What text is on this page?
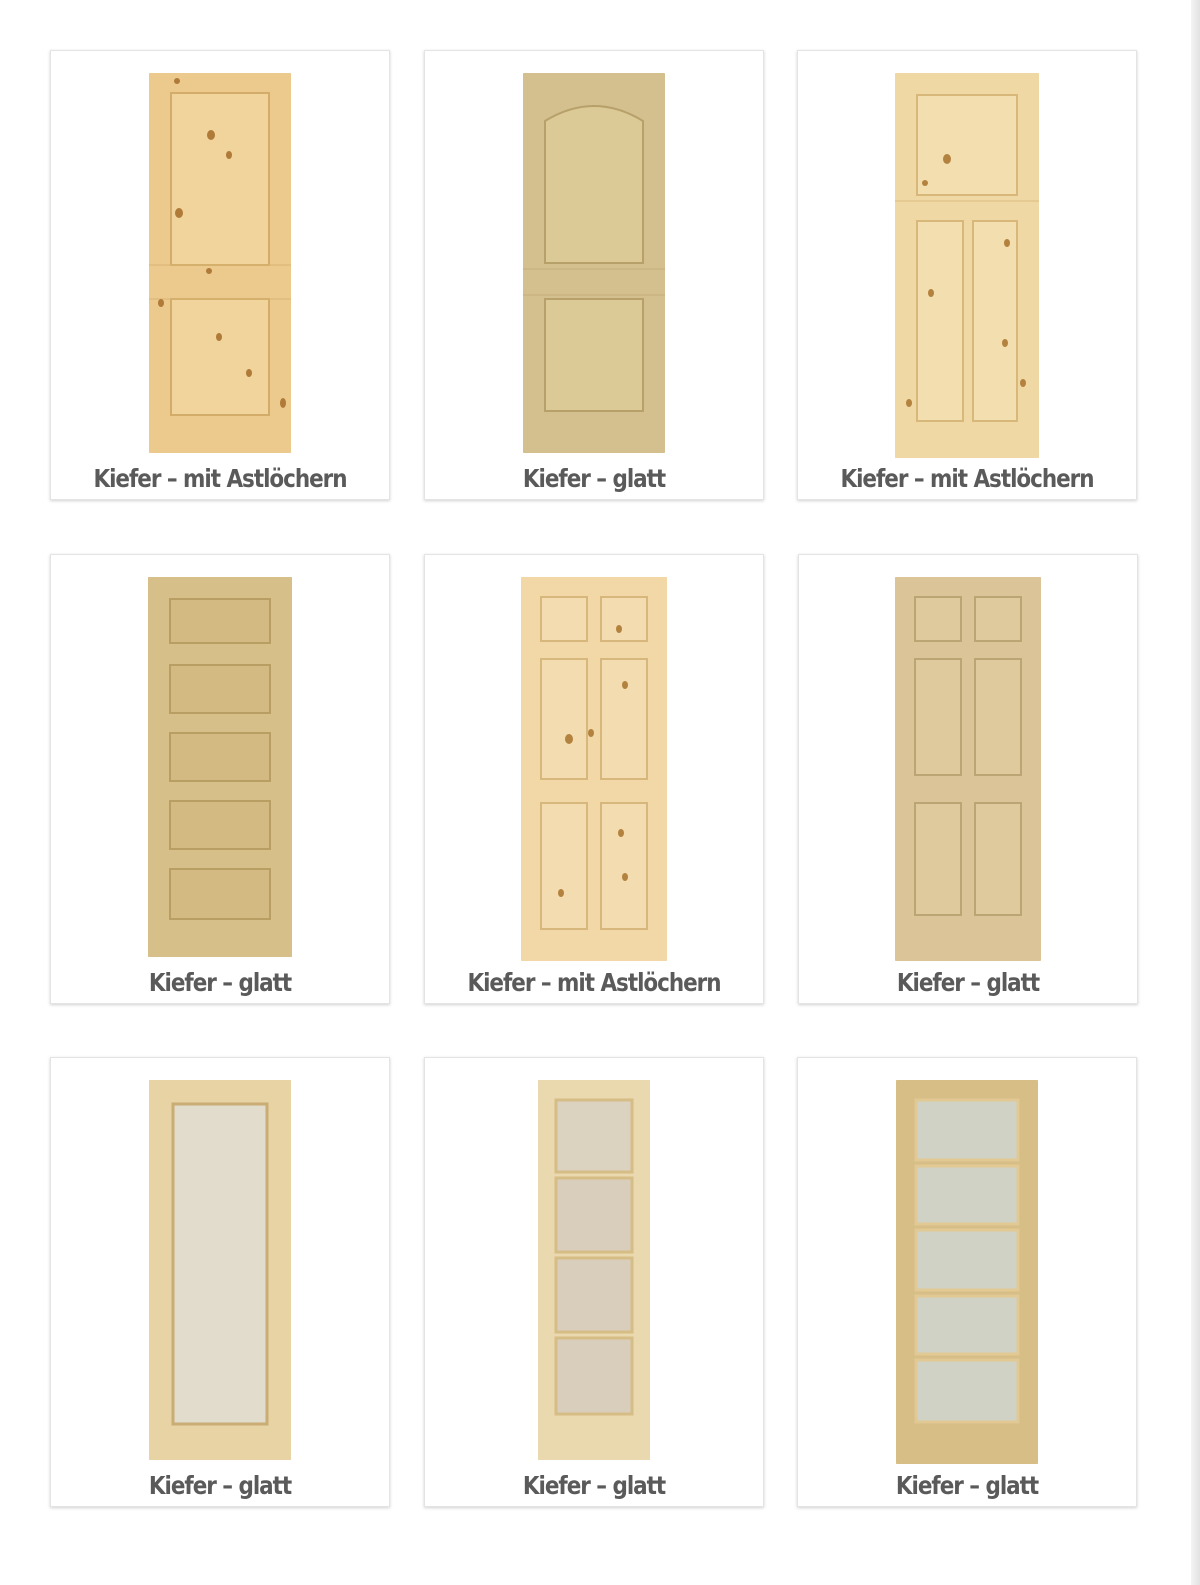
Kiefer – mit Astlöchern	Kiefer – glatt	Kiefer – mit Astlöchern
Kiefer – glatt	Kiefer – mit Astlöchern	Kiefer – glatt
Kiefer – glatt	Kiefer – glatt	Kiefer – glatt
